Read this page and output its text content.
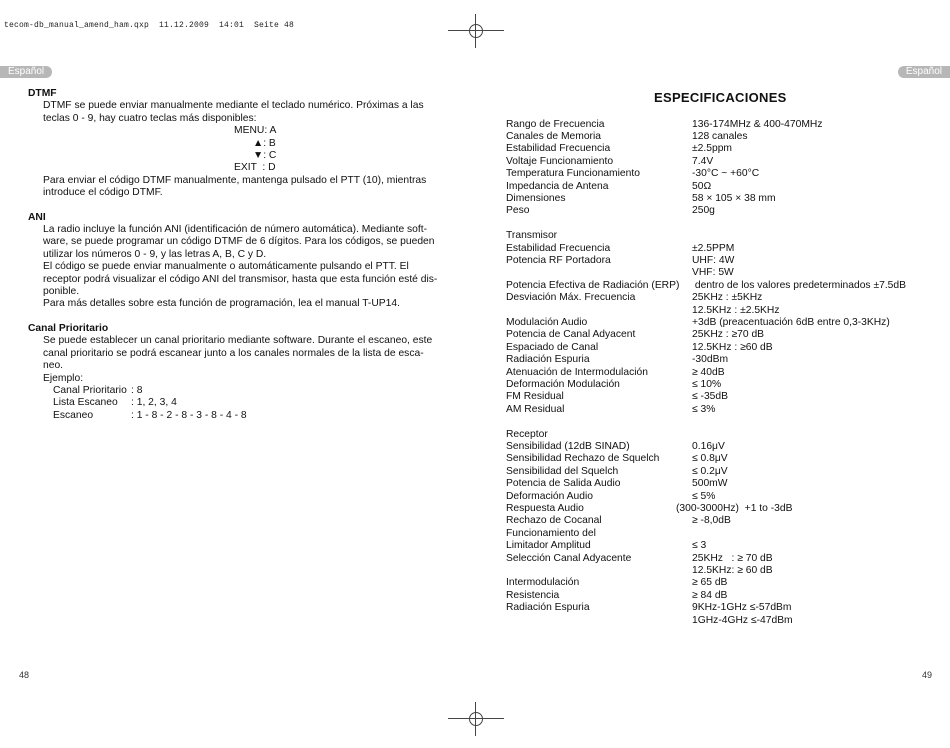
tecom-db_manual_amend_ham.qxp  11.12.2009  14:01  Seite 48
Español	Español
DTMF
DTMF se puede enviar manualmente mediante el teclado numérico. Próximas a las
teclas 0 - 9, hay cuatro teclas más disponibles:
MENU: A
▲: B
▼: C
EXIT  : D
Para enviar el código DTMF manualmente, mantenga pulsado el PTT (10), mientras
introduce el código DTMF.
ANI
La radio incluye la función ANI (identificación de número automática). Mediante soft-
ware, se puede programar un código DTMF de 6 dígitos. Para los códigos, se pueden
utilizar los números 0 - 9, y las letras A, B, C y D.
El código se puede enviar manualmente o automáticamente pulsando el PTT. El
receptor podrá visualizar el código ANI del transmisor, hasta que esta función esté dis-
ponible.
Para más detalles sobre esta función de programación, lea el manual T-UP14.
Canal Prioritario
Se puede establecer un canal prioritario mediante software. Durante el escaneo, este
canal prioritario se podrá escanear junto a los canales normales de la lista de esca-
neo.
Ejemplo:
Canal Prioritario : 8
Lista Escaneo : 1, 2, 3, 4
Escaneo	: 1 - 8 - 2 - 8 - 3 - 8 - 4 - 8
48
ESPECIFICACIONES
Rango de Frecuencia	136-174MHz & 400-470MHz
Canales de Memoria	128 canales
Estabilidad Frecuencia	±2.5ppm
Voltaje Funcionamiento	7.4V
Temperatura Funcionamiento	-30°C ~ +60°C
Impedancia de Antena	50Ω
Dimensiones	58 × 105 × 38 mm
Peso	250g
Transmisor
Estabilidad Frecuencia	±2.5PPM
Potencia RF Portadora	UHF: 4W
VHF: 5W
Potencia Efectiva de Radiación (ERP) dentro de los valores predeterminados ±7.5dB
Desviación Máx. Frecuencia	25KHz : ±5KHz
12.5KHz : ±2.5KHz
Modulación Audio	+3dB (preacentuación 6dB entre 0,3-3KHz)
Potencia de Canal Adyacent	25KHz : ≥70 dB
Espaciado de Canal	12.5KHz : ≥60 dB
Radiación Espuria	-30dBm
Atenuación de Intermodulación	≥ 40dB
Deformación Modulación	≤ 10%
FM Residual	≤ -35dB
AM Residual	≤ 3%
Receptor
Sensibilidad (12dB SINAD)	0.16μV
Sensibilidad Rechazo de Squelch	≤ 0.8μV
Sensibilidad del Squelch	≤ 0.2μV
Potencia de Salida Audio	500mW
Deformación Audio	≤ 5%
Respuesta Audio	(300-3000Hz)  +1 to -3dB
Rechazo de Cocanal	≥ -8,0dB
Funcionamiento del
Limitador Amplitud	≤ 3
Selección Canal Adyacente	25KHz   : ≥ 70 dB
12.5KHz: ≥ 60 dB
Intermodulación	≥ 65 dB
Resistencia	≥ 84 dB
Radiación Espuria	9KHz-1GHz ≤-57dBm
1GHz-4GHz ≤-47dBm
49
